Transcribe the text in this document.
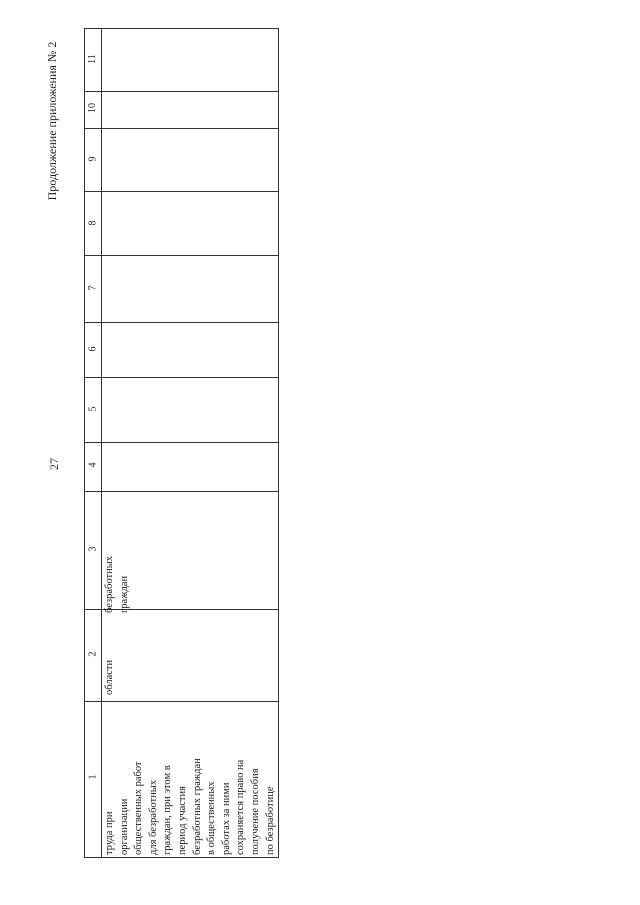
27
Продолжение приложения № 2	11
10
9
8
7
6
5
4
3
2
1
безработных
граждан
области
труда при
организации
общественных работ
для безработных
граждан, при этом в
период участия
безработных граждан
в общественных
работах за ними
сохраняется право на
получение пособия
по безработице
